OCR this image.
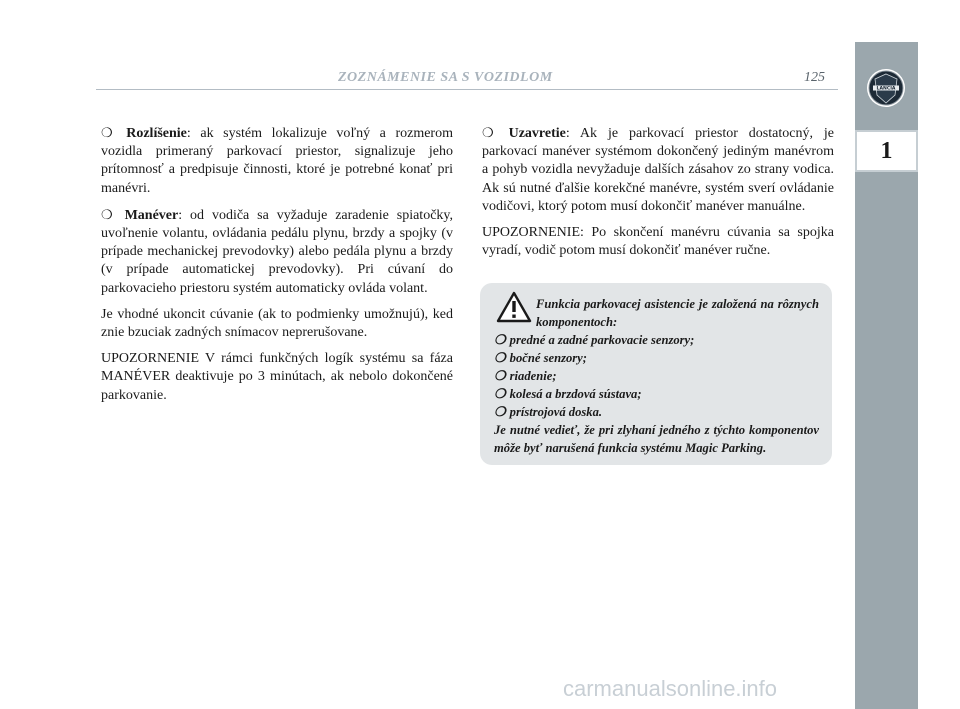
ZOZNÁMENIE SA S VOZIDLOM	125
LANCIA
1

❍ Rozlíšenie: ak systém lokalizuje voľný a rozmerom vozidla primeraný parkovací priestor, signalizuje jeho prítomnosť a predpisuje činnosti, ktoré je potrebné konať pri manévri.

❍ Manéver: od vodiča sa vyžaduje zaradenie spiatočky, uvoľnenie volantu, ovládania pedálu plynu, brzdy a spojky (v prípade mechanickej prevodovky) alebo pedála plynu a brzdy (v prípade automatickej prevodovky). Pri cúvaní do parkovacieho priestoru systém automaticky ovláda volant.

Je vhodné ukoncit cúvanie (ak to podmienky umožnujú), ked znie bzuciak zadných snímacov neprerušovane.

UPOZORNENIE V rámci funkčných logík systému sa fáza MANÉVER deaktivuje po 3 minútach, ak nebolo dokončené parkovanie.

❍ Uzavretie: Ak je parkovací priestor dostatocný, je parkovací manéver systémom dokončený jediným manévrom a pohyb vozidla nevyžaduje dalších zásahov zo strany vodica. Ak sú nutné ďalšie korekčné manévre, systém sverí ovládanie vodičovi, ktorý potom musí dokončiť manéver manuálne.

UPOZORNENIE: Po skončení manévru cúvania sa spojka vyradí, vodič potom musí dokončiť manéver ručne.

Funkcia parkovacej asistencie je založená na rôznych komponentoch:

❍ predné a zadné parkovacie senzory;
❍ bočné senzory;
❍ riadenie;
❍ kolesá a brzdová sústava;
❍ prístrojová doska.

Je nutné vedieť, že pri zlyhaní jedného z týchto komponentov môže byť narušená funkcia systému Magic Parking.

carmanualsonline.info
